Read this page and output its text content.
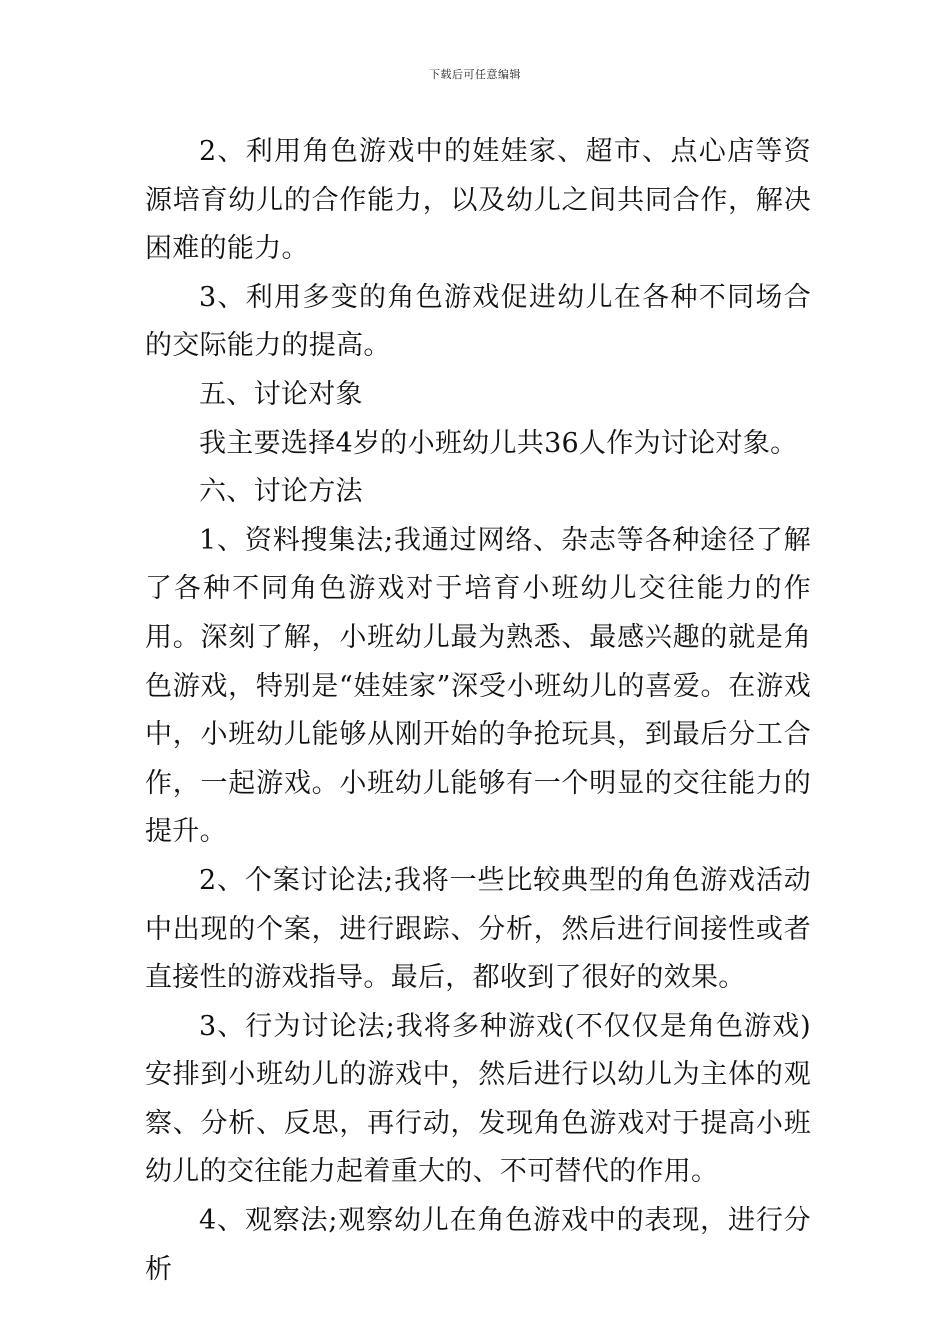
下载后可任意编辑

2、利用角色游戏中的娃娃家、超市、点心店等资源培育幼儿的合作能力，以及幼儿之间共同合作，解决困难的能力。

3、利用多变的角色游戏促进幼儿在各种不同场合的交际能力的提高。

五、讨论对象

我主要选择4岁的小班幼儿共36人作为讨论对象。

六、讨论方法

1、资料搜集法;我通过网络、杂志等各种途径了解了各种不同角色游戏对于培育小班幼儿交往能力的作用。深刻了解，小班幼儿最为熟悉、最感兴趣的就是角色游戏，特别是“娃娃家”深受小班幼儿的喜爱。在游戏中，小班幼儿能够从刚开始的争抢玩具，到最后分工合作，一起游戏。小班幼儿能够有一个明显的交往能力的提升。

2、个案讨论法;我将一些比较典型的角色游戏活动中出现的个案，进行跟踪、分析，然后进行间接性或者直接性的游戏指导。最后，都收到了很好的效果。

3、行为讨论法;我将多种游戏(不仅仅是角色游戏)安排到小班幼儿的游戏中，然后进行以幼儿为主体的观察、分析、反思，再行动，发现角色游戏对于提高小班幼儿的交往能力起着重大的、不可替代的作用。

4、观察法;观察幼儿在角色游戏中的表现，进行分析
